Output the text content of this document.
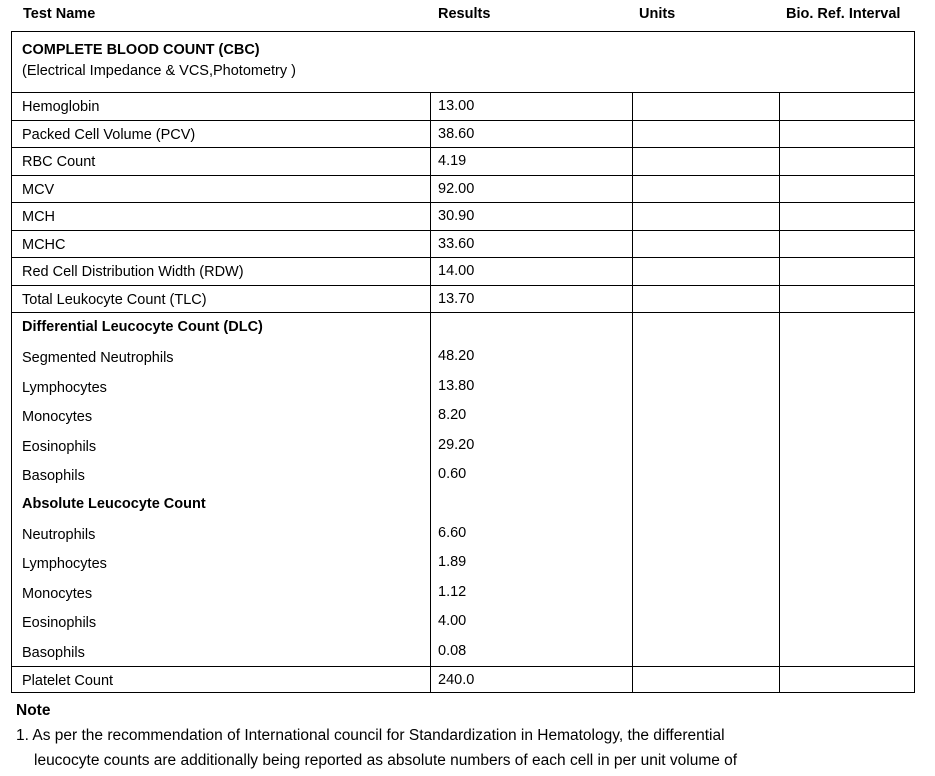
Test Name	Results	Units	Bio. Ref. Interval
COMPLETE BLOOD COUNT (CBC)
(Electrical Impedance & VCS,Photometry )
Hemoglobin	13.00
Packed Cell Volume (PCV)	38.60
RBC Count	4.19
MCV	92.00
MCH	30.90
MCHC	33.60
Red Cell Distribution Width (RDW)	14.00
Total Leukocyte Count (TLC)	13.70
Differential Leucocyte Count (DLC)
Segmented Neutrophils	48.20
Lymphocytes	13.80
Monocytes	8.20
Eosinophils	29.20
Basophils	0.60
Absolute Leucocyte Count
Neutrophils	6.60
Lymphocytes	1.89
Monocytes	1.12
Eosinophils	4.00
Basophils	0.08
Platelet Count	240.0
Note
1. As per the recommendation of International council for Standardization in Hematology, the differential
leucocyte counts are additionally being reported as absolute numbers of each cell in per unit volume of
